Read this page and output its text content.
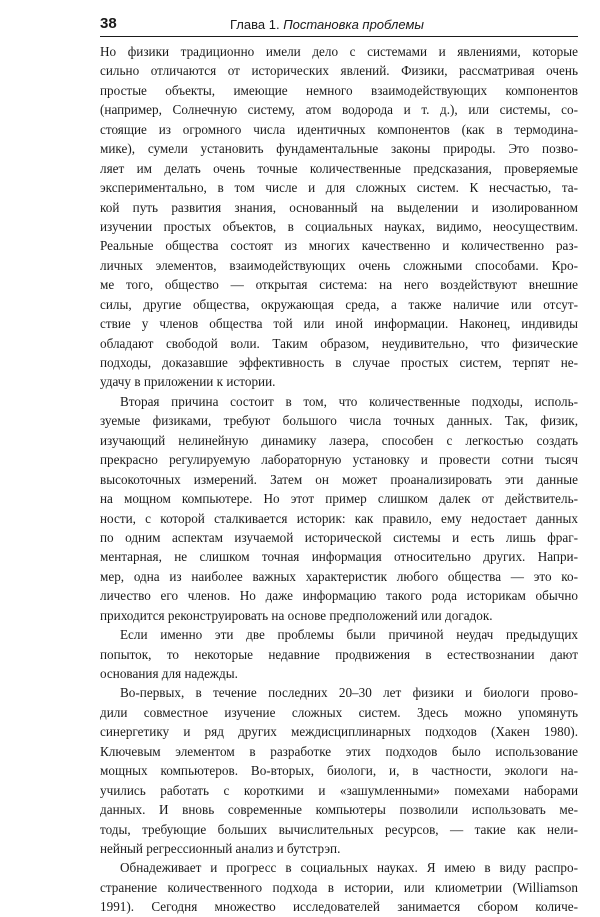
38	Глава 1. Постановка проблемы
Но физики традиционно имели дело с системами и явлениями, которые
сильно отличаются от исторических явлений. Физики, рассматривая очень
простые объекты, имеющие немного взаимодействующих компонентов
(например, Солнечную систему, атом водорода и т. д.), или системы, со-
стоящие из огромного числа идентичных компонентов (как в термодина-
мике), сумели установить фундаментальные законы природы. Это позво-
ляет им делать очень точные количественные предсказания, проверяемые
экспериментально, в том числе и для сложных систем. К несчастью, та-
кой путь развития знания, основанный на выделении и изолированном
изучении простых объектов, в социальных науках, видимо, неосуществим.
Реальные общества состоят из многих качественно и количественно раз-
личных элементов, взаимодействующих очень сложными способами. Кро-
ме того, общество — открытая система: на него воздействуют внешние
силы, другие общества, окружающая среда, а также наличие или отсут-
ствие у членов общества той или иной информации. Наконец, индивиды
обладают свободой воли. Таким образом, неудивительно, что физические
подходы, доказавшие эффективность в случае простых систем, терпят не-
удачу в приложении к истории.
Вторая причина состоит в том, что количественные подходы, исполь-
зуемые физиками, требуют большого числа точных данных. Так, физик,
изучающий нелинейную динамику лазера, способен с легкостью создать
прекрасно регулируемую лабораторную установку и провести сотни тысяч
высокоточных измерений. Затем он может проанализировать эти данные
на мощном компьютере. Но этот пример слишком далек от действитель-
ности, с которой сталкивается историк: как правило, ему недостает данных
по одним аспектам изучаемой исторической системы и есть лишь фраг-
ментарная, не слишком точная информация относительно других. Напри-
мер, одна из наиболее важных характеристик любого общества — это ко-
личество его членов. Но даже информацию такого рода историкам обычно
приходится реконструировать на основе предположений или догадок.
Если именно эти две проблемы были причиной неудач предыдущих
попыток, то некоторые недавние продвижения в естествознании дают
основания для надежды.
Во-первых, в течение последних 20–30 лет физики и биологи прово-
дили совместное изучение сложных систем. Здесь можно упомянуть
синергетику и ряд других междисциплинарных подходов (Хакен 1980).
Ключевым элементом в разработке этих подходов было использование
мощных компьютеров. Во-вторых, биологи, и, в частности, экологи на-
учились работать с короткими и «зашумленными» помехами наборами
данных. И вновь современные компьютеры позволили использовать ме-
тоды, требующие больших вычислительных ресурсов, — такие как нели-
нейный регрессионный анализ и бутстрэп.
Обнадеживает и прогресс в социальных науках. Я имею в виду распро-
странение количественного подхода в истории, или клиометрии (Williamson
1991). Сегодня множество исследователей занимается сбором количе-
